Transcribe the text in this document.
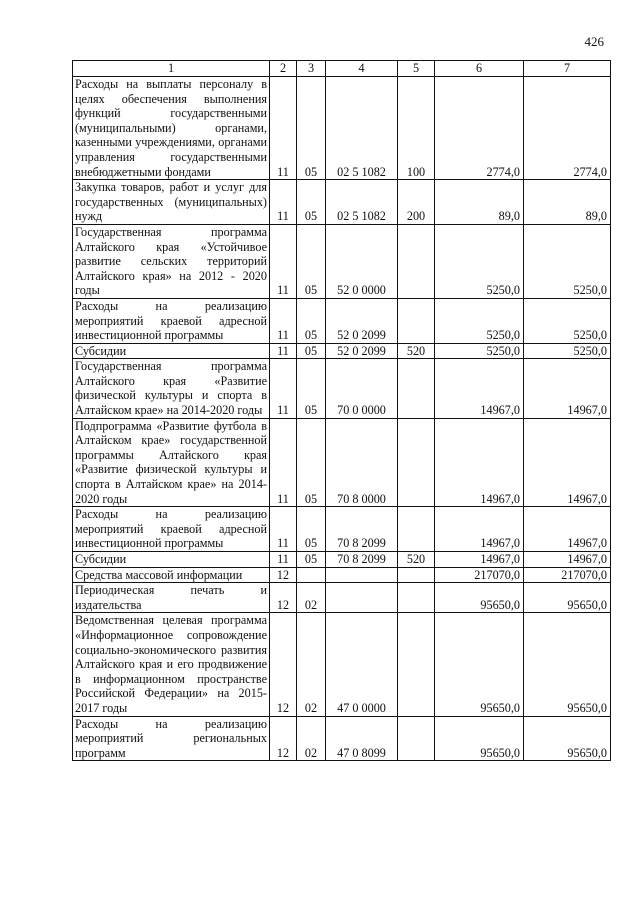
426
1	2	3	4	5	6	7
Расходы на выплаты персоналу в целях обеспечения выполнения функций государственными (муниципальными) органами, казенными учреждениями, органами управления государственными внебюджетными фондами	11	05	02 5 1082	100	2774,0	2774,0
Закупка товаров, работ и услуг для государственных (муниципальных) нужд	11	05	02 5 1082	200	89,0	89,0
Государственная программа Алтайского края «Устойчивое развитие сельских территорий Алтайского края» на 2012 - 2020 годы	11	05	52 0 0000		5250,0	5250,0
Расходы на реализацию мероприятий краевой адресной инвестиционной программы	11	05	52 0 2099		5250,0	5250,0
Субсидии	11	05	52 0 2099	520	5250,0	5250,0
Государственная программа Алтайского края «Развитие физической культуры и спорта в Алтайском крае» на 2014-2020 годы	11	05	70 0 0000		14967,0	14967,0
Подпрограмма «Развитие футбола в Алтайском крае» государственной программы Алтайского края «Развитие физической культуры и спорта в Алтайском крае» на 2014-2020 годы	11	05	70 8 0000		14967,0	14967,0
Расходы на реализацию мероприятий краевой адресной инвестиционной программы	11	05	70 8 2099		14967,0	14967,0
Субсидии	11	05	70 8 2099	520	14967,0	14967,0
Средства массовой информации	12				217070,0	217070,0
Периодическая печать и издательства	12	02			95650,0	95650,0
Ведомственная целевая программа «Информационное сопровождение социально-экономического развития Алтайского края и его продвижение в информационном пространстве Российской Федерации» на 2015-2017 годы	12	02	47 0 0000		95650,0	95650,0
Расходы на реализацию мероприятий региональных программ	12	02	47 0 8099		95650,0	95650,0
